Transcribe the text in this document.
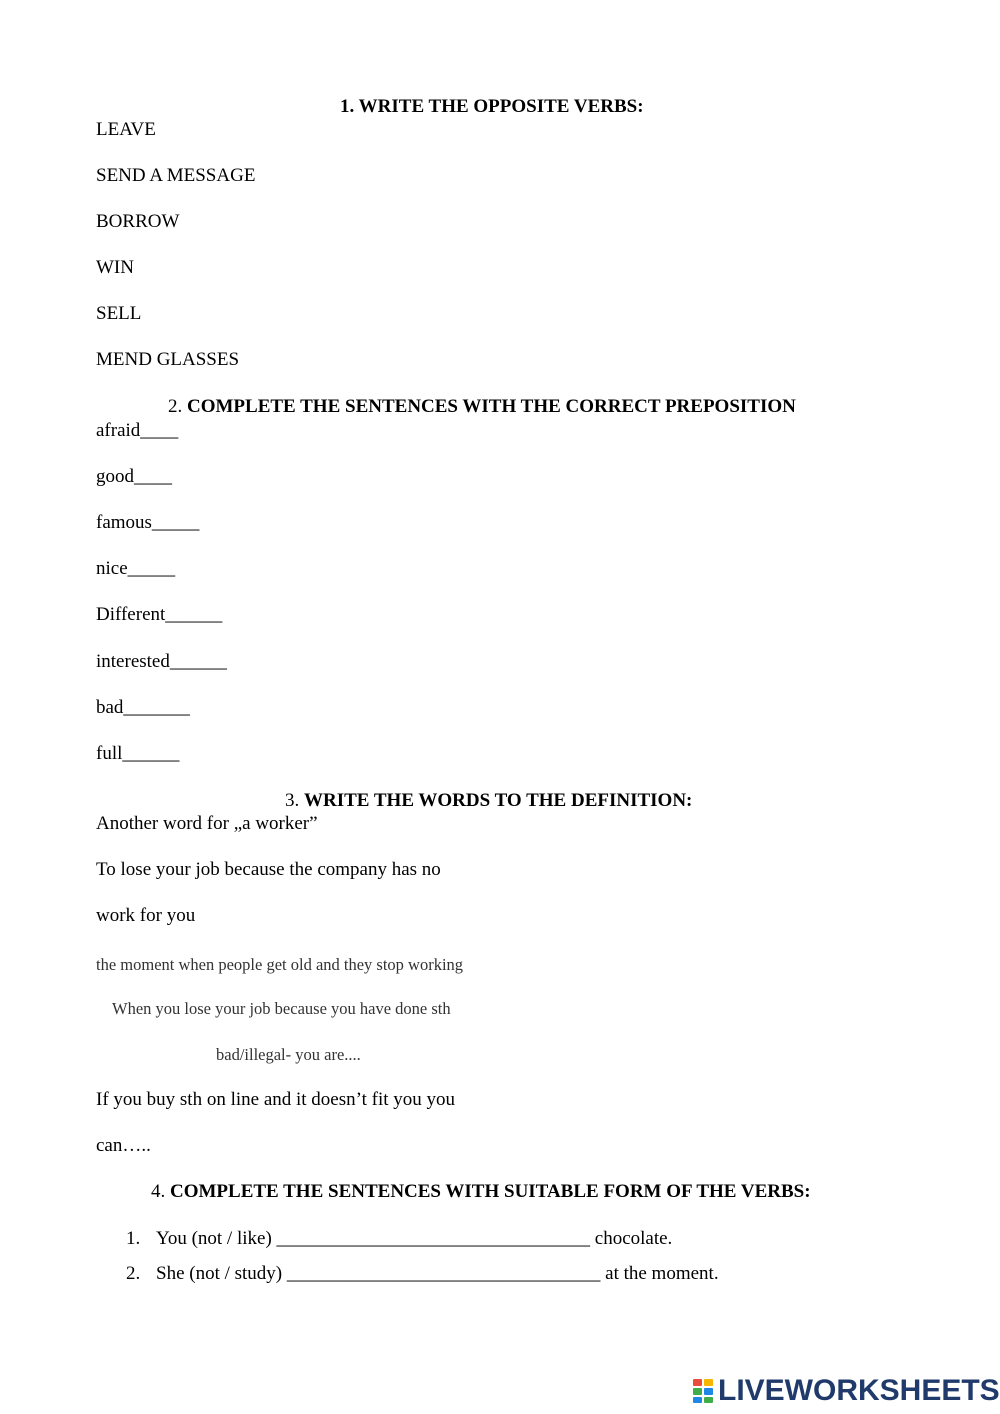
1. WRITE THE OPPOSITE VERBS:
LEAVE
SEND A MESSAGE
BORROW
WIN
SELL
MEND GLASSES
2. COMPLETE THE SENTENCES WITH THE CORRECT PREPOSITION
afraid____
good____
famous_____
nice_____
Different______
interested______
bad_______
full______
3. WRITE THE WORDS TO THE DEFINITION:
Another word for „a worker”
To lose your job because the company has no
work for you
the moment when people get old and they stop working
When you lose your job because you have done sth
bad/illegal- you are....
If you buy sth on line and it doesn’t fit you you
can…..
4. COMPLETE THE SENTENCES WITH SUITABLE FORM OF THE VERBS:
1. You (not / like) _________________________________ chocolate.
2. She (not / study) _________________________________ at the moment.
LIVEWORKSHEETS
